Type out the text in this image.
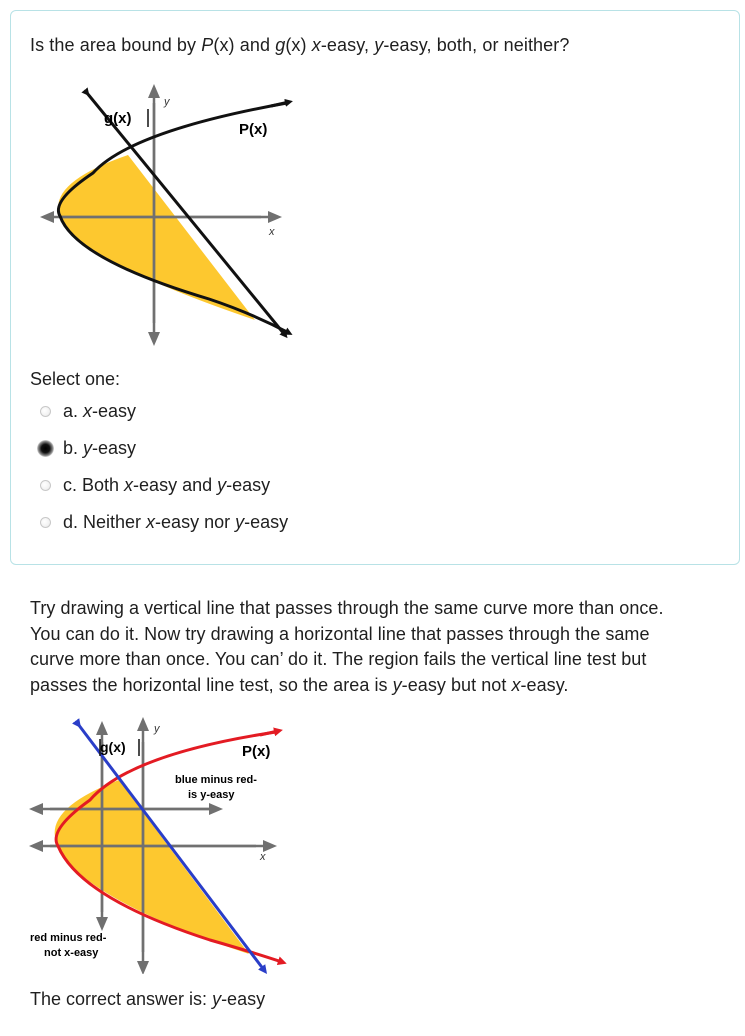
Is the area bound by P(x) and g(x) x-easy, y-easy, both, or neither?
g(x)
P(x)
x
y
Select one:
a. x-easy
b. y-easy
c. Both x-easy and y-easy
d. Neither x-easy nor y-easy

Try drawing a vertical line that passes through the same curve more than once.

You can do it. Now try drawing a horizontal line that passes through the same

curve more than once. You can’ do it. The region fails the vertical line test but

passes the horizontal line test, so the area is y-easy but not x-easy.

g(x)	P(x)
blue minus red-
is y-easy
red minus red-
not x-easy
x
y
The correct answer is: y-easy
